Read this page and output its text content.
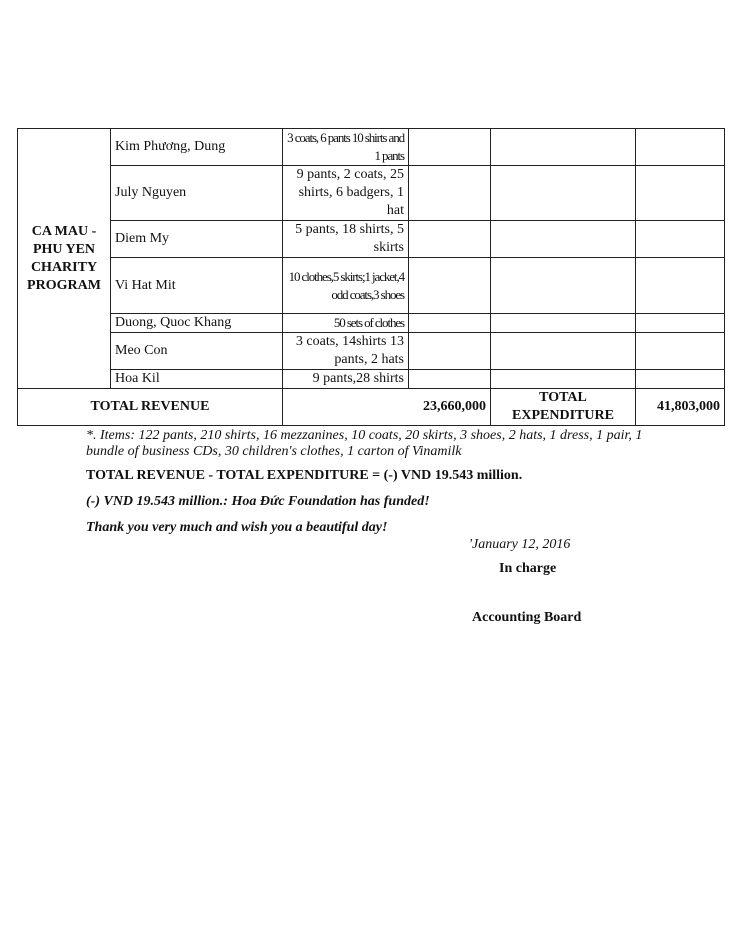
CA MAU - PHU YEN CHARITY PROGRAM	Kim Phương, Dung	3 coats, 6 pants 10 shirts and 1 pants			
	July Nguyen	9 pants, 2 coats, 25 shirts, 6 badgers, 1 hat			
	Diem My	5 pants, 18 shirts, 5 skirts			
	Vi Hat Mit	10 clothes,5 skirts;1 jacket,4 odd coats,3 shoes			
	Duong, Quoc Khang	50 sets of clothes			
	Meo Con	3 coats, 14shirts 13 pants, 2 hats			
	Hoa Kil	9 pants,28 shirts			
TOTAL REVENUE		23,660,000		TOTAL EXPENDITURE	41,803,000

*. Items: 122 pants, 210 shirts, 16 mezzanines, 10 coats, 20 skirts, 3 shoes, 2 hats, 1 dress, 1 pair, 1 bundle of business CDs, 30 children's clothes, 1 carton of Vinamilk

TOTAL REVENUE - TOTAL EXPENDITURE = (-) VND 19.543 million.

(-) VND 19.543 million.: Hoa Đức Foundation has funded!

Thank you very much and wish you a beautiful day!

'January 12, 2016
In charge
Accounting Board
